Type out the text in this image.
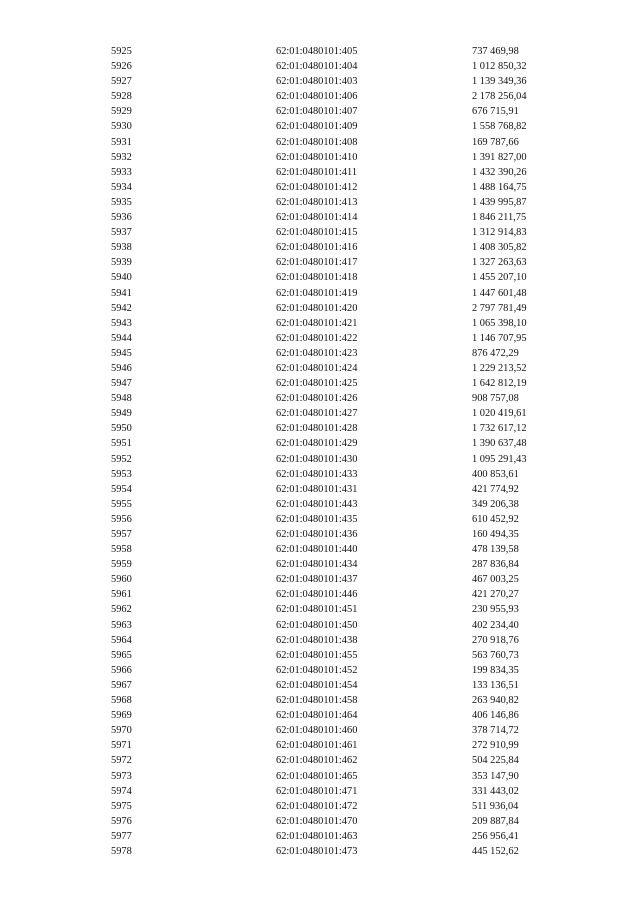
5925	62:01:0480101:405	737 469,98
5926	62:01:0480101:404	1 012 850,32
5927	62:01:0480101:403	1 139 349,36
5928	62:01:0480101:406	2 178 256,04
5929	62:01:0480101:407	676 715,91
5930	62:01:0480101:409	1 558 768,82
5931	62:01:0480101:408	169 787,66
5932	62:01:0480101:410	1 391 827,00
5933	62:01:0480101:411	1 432 390,26
5934	62:01:0480101:412	1 488 164,75
5935	62:01:0480101:413	1 439 995,87
5936	62:01:0480101:414	1 846 211,75
5937	62:01:0480101:415	1 312 914,83
5938	62:01:0480101:416	1 408 305,82
5939	62:01:0480101:417	1 327 263,63
5940	62:01:0480101:418	1 455 207,10
5941	62:01:0480101:419	1 447 601,48
5942	62:01:0480101:420	2 797 781,49
5943	62:01:0480101:421	1 065 398,10
5944	62:01:0480101:422	1 146 707,95
5945	62:01:0480101:423	876 472,29
5946	62:01:0480101:424	1 229 213,52
5947	62:01:0480101:425	1 642 812,19
5948	62:01:0480101:426	908 757,08
5949	62:01:0480101:427	1 020 419,61
5950	62:01:0480101:428	1 732 617,12
5951	62:01:0480101:429	1 390 637,48
5952	62:01:0480101:430	1 095 291,43
5953	62:01:0480101:433	400 853,61
5954	62:01:0480101:431	421 774,92
5955	62:01:0480101:443	349 206,38
5956	62:01:0480101:435	610 452,92
5957	62:01:0480101:436	160 494,35
5958	62:01:0480101:440	478 139,58
5959	62:01:0480101:434	287 836,84
5960	62:01:0480101:437	467 003,25
5961	62:01:0480101:446	421 270,27
5962	62:01:0480101:451	230 955,93
5963	62:01:0480101:450	402 234,40
5964	62:01:0480101:438	270 918,76
5965	62:01:0480101:455	563 760,73
5966	62:01:0480101:452	199 834,35
5967	62:01:0480101:454	133 136,51
5968	62:01:0480101:458	263 940,82
5969	62:01:0480101:464	406 146,86
5970	62:01:0480101:460	378 714,72
5971	62:01:0480101:461	272 910,99
5972	62:01:0480101:462	504 225,84
5973	62:01:0480101:465	353 147,90
5974	62:01:0480101:471	331 443,02
5975	62:01:0480101:472	511 936,04
5976	62:01:0480101:470	209 887,84
5977	62:01:0480101:463	256 956,41
5978	62:01:0480101:473	445 152,62
